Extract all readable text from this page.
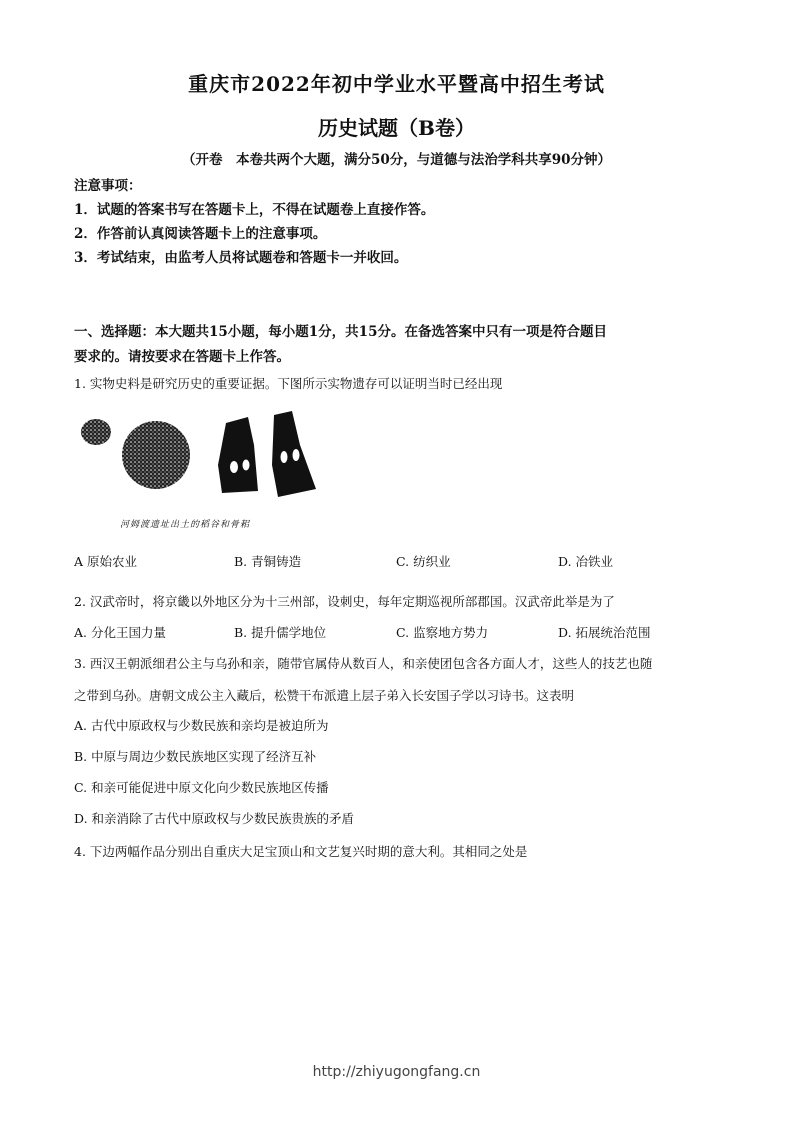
重庆市2022年初中学业水平暨高中招生考试
历史试题（B卷）
（开卷　本卷共两个大题，满分50分，与道德与法治学科共享90分钟）
注意事项：
1．试题的答案书写在答题卡上，不得在试题卷上直接作答。
2．作答前认真阅读答题卡上的注意事项。
3．考试结束，由监考人员将试题卷和答题卡一并收回。
一、选择题：本大题共15小题，每小题1分，共15分。在备选答案中只有一项是符合题目
要求的。请按要求在答题卡上作答。
1. 实物史料是研究历史的重要证据。下图所示实物遗存可以证明当时已经出现
河姆渡遗址出土的稻谷和骨耜
A 原始农业	B. 青铜铸造	C. 纺织业	D. 冶铁业
2. 汉武帝时，将京畿以外地区分为十三州部，设刺史，每年定期巡视所部郡国。汉武帝此举是为了
A. 分化王国力量	B. 提升儒学地位	C. 监察地方势力	D. 拓展统治范围
3. 西汉王朝派细君公主与乌孙和亲，随带官属侍从数百人，和亲使团包含各方面人才，这些人的技艺也随
之带到乌孙。唐朝文成公主入藏后，松赞干布派遣上层子弟入长安国子学以习诗书。这表明
A. 古代中原政权与少数民族和亲均是被迫所为
B. 中原与周边少数民族地区实现了经济互补
C. 和亲可能促进中原文化向少数民族地区传播
D. 和亲消除了古代中原政权与少数民族贵族的矛盾
4. 下边两幅作品分别出自重庆大足宝顶山和文艺复兴时期的意大利。其相同之处是
http://zhiyugongfang.cn
